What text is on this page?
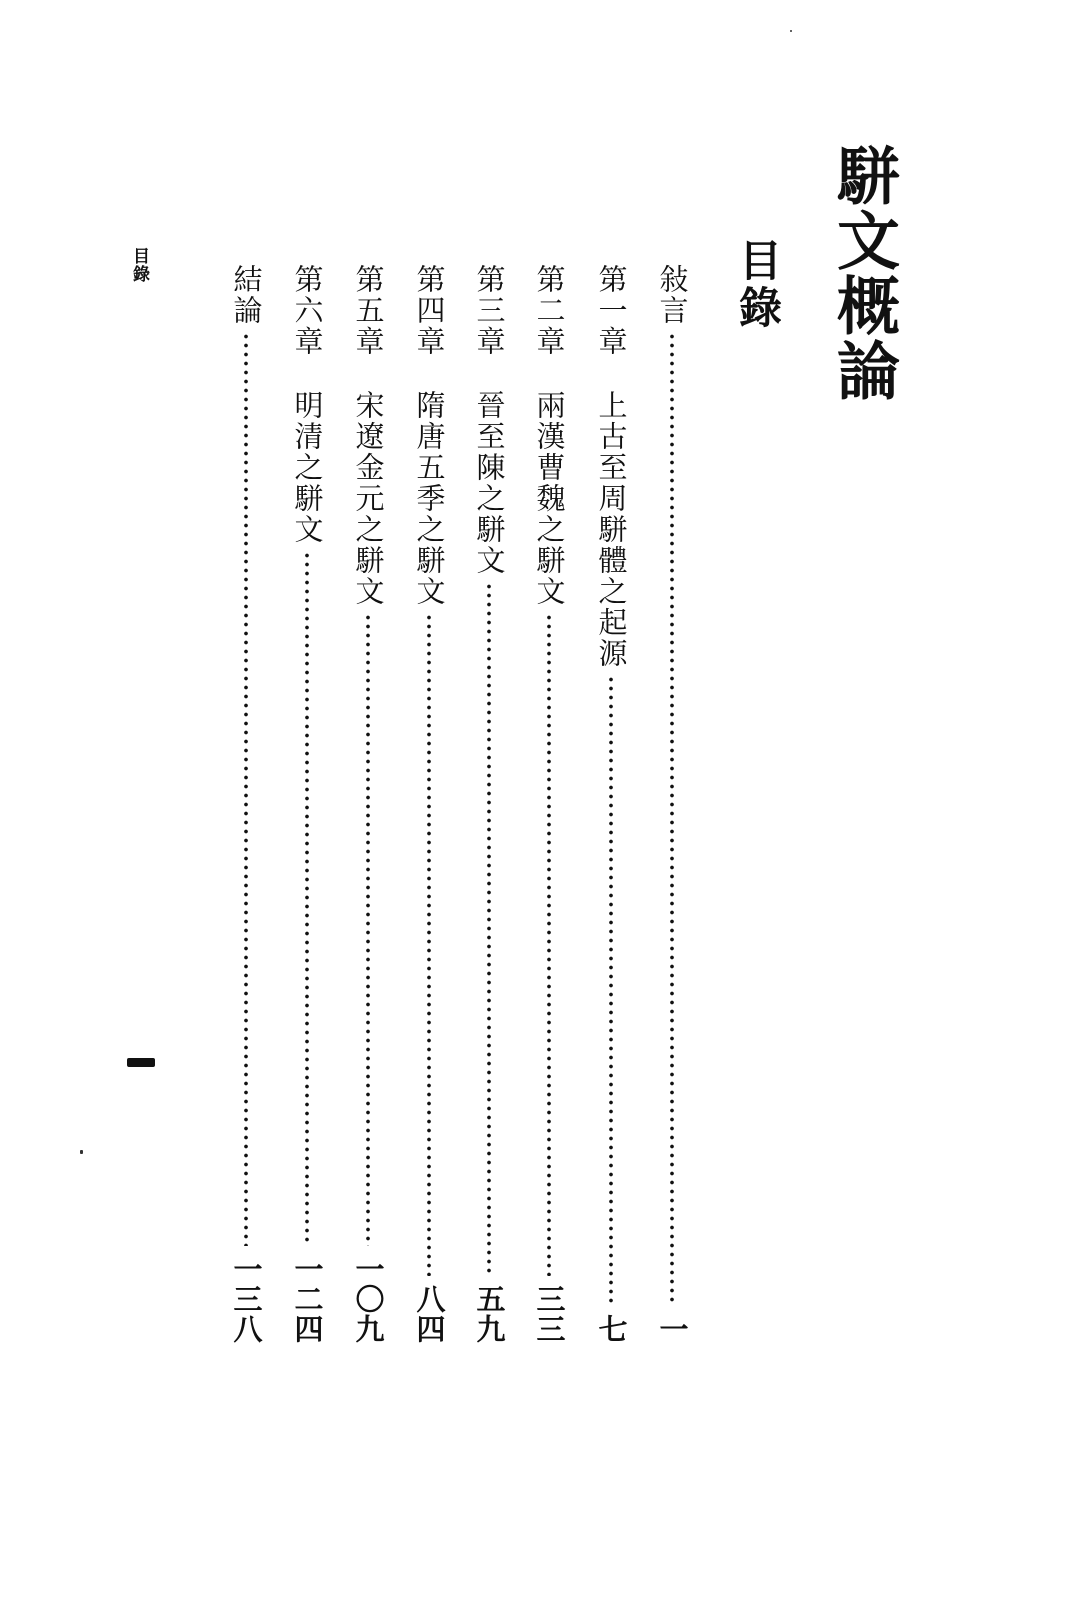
駢文概論
目錄
目錄	敍言
一
第一章
上古至周駢體之起源
七
第二章
兩漢曹魏之駢文
三三
第三章
晉至陳之駢文
五九
第四章
隋唐五季之駢文
八四
第五章
宋遼金元之駢文
一〇九
第六章
明清之駢文
一二四
結論
一三八
